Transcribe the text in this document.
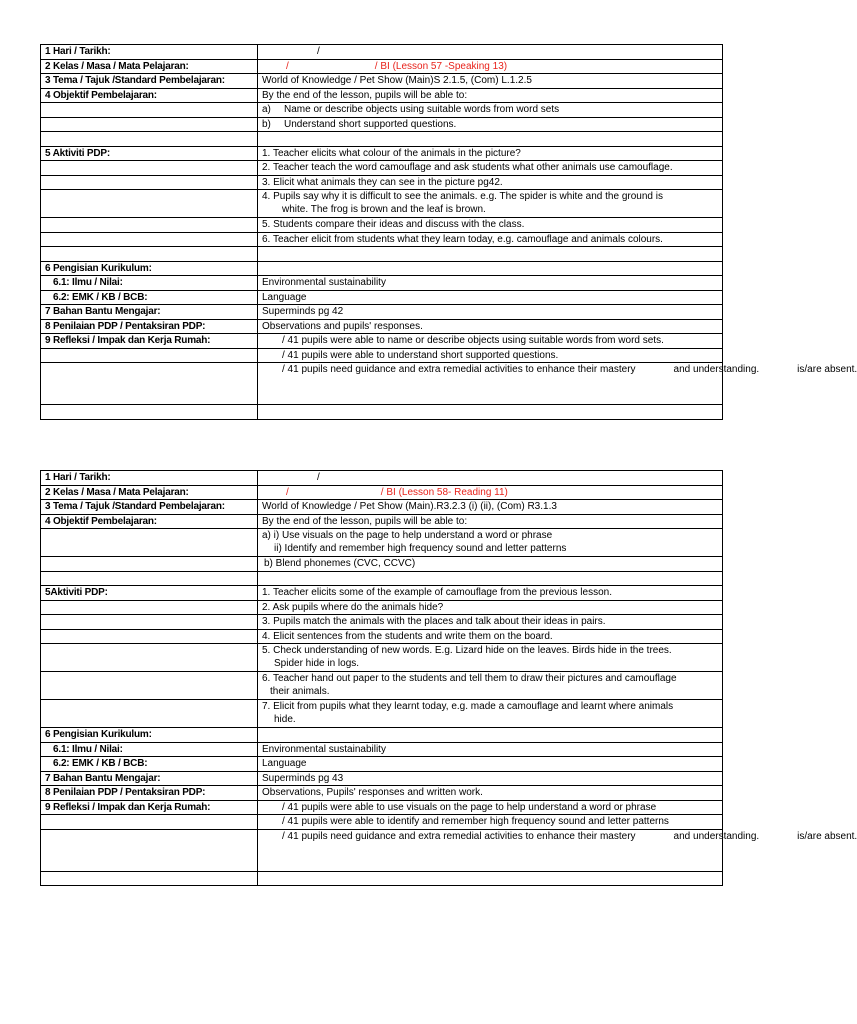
1 Hari / Tarikh:	/
2 Kelas / Masa / Mata Pelajaran:	/ / BI (Lesson 57 -Speaking 13)
3 Tema / Tajuk /Standard Pembelajaran:	World of Knowledge / Pet Show (Main)S 2.1.5, (Com) L.1.2.5
4 Objektif Pembelajaran:	By the end of the lesson, pupils will be able to:
	a) Name or describe objects using suitable words from word sets
	b) Understand short supported questions.

5 Aktiviti PDP:	1. Teacher elicits what colour of the animals in the picture?
	2. Teacher teach the word camouflage and ask students what other animals use camouflage.
	3. Elicit what animals they can see in the picture pg42.

	4. Pupils say why it is difficult to see the animals. e.g. The spider is white and the ground is
white. The frog is brown and the leaf is brown.
	5. Students compare their ideas and discuss with the class.
	6. Teacher elicit from students what they learn today, e.g. camouflage and animals colours.

6 Pengisian Kurikulum:	
6.1: Ilmu / Nilai:	Environmental sustainability
6.2: EMK / KB / BCB:	Language
7 Bahan Bantu Mengajar:	Superminds pg 42
8 Penilaian PDP / Pentaksiran PDP:	Observations and pupils' responses.
9 Refleksi / Impak dan Kerja Rumah:	/ 41 pupils were able to name or describe objects using suitable words from word sets.
	/ 41 pupils were able to understand short supported questions.
	/ 41 pupils need guidance and extra remedial activities to enhance their mastery and understanding. is/are absent.

1 Hari / Tarikh:	/
2 Kelas / Masa / Mata Pelajaran:	/ / BI (Lesson 58- Reading 11)
3 Tema / Tajuk /Standard Pembelajaran:	World of Knowledge / Pet Show (Main).R3.2.3 (i) (ii), (Com) R3.1.3
4 Objektif Pembelajaran:	By the end of the lesson, pupils will be able to:

	a) i) Use visuals on the page to help understand a word or phrase
ii) Identify and remember high frequency sound and letter patterns
	b) Blend phonemes (CVC, CCVC)

5Aktiviti PDP:	1. Teacher elicits some of the example of camouflage from the previous lesson.
	2. Ask pupils where do the animals hide?
	3. Pupils match the animals with the places and talk about their ideas in pairs.
	4. Elicit sentences from the students and write them on the board.

	5. Check understanding of new words. E.g. Lizard hide on the leaves. Birds hide in the trees.
Spider hide in logs.

	6. Teacher hand out paper to the students and tell them to draw their pictures and camouflage
their animals.

	7. Elicit from pupils what they learnt today, e.g. made a camouflage and learnt where animals
hide.
6 Pengisian Kurikulum:	
6.1: Ilmu / Nilai:	Environmental sustainability
6.2: EMK / KB / BCB:	Language
7 Bahan Bantu Mengajar:	Superminds pg 43
8 Penilaian PDP / Pentaksiran PDP:	Observations, Pupils' responses and written work.
9 Refleksi / Impak dan Kerja Rumah:	/ 41 pupils were able to use visuals on the page to help understand a word or phrase
	/ 41 pupils were able to identify and remember high frequency sound and letter patterns
	/ 41 pupils need guidance and extra remedial activities to enhance their mastery and understanding. is/are absent.
